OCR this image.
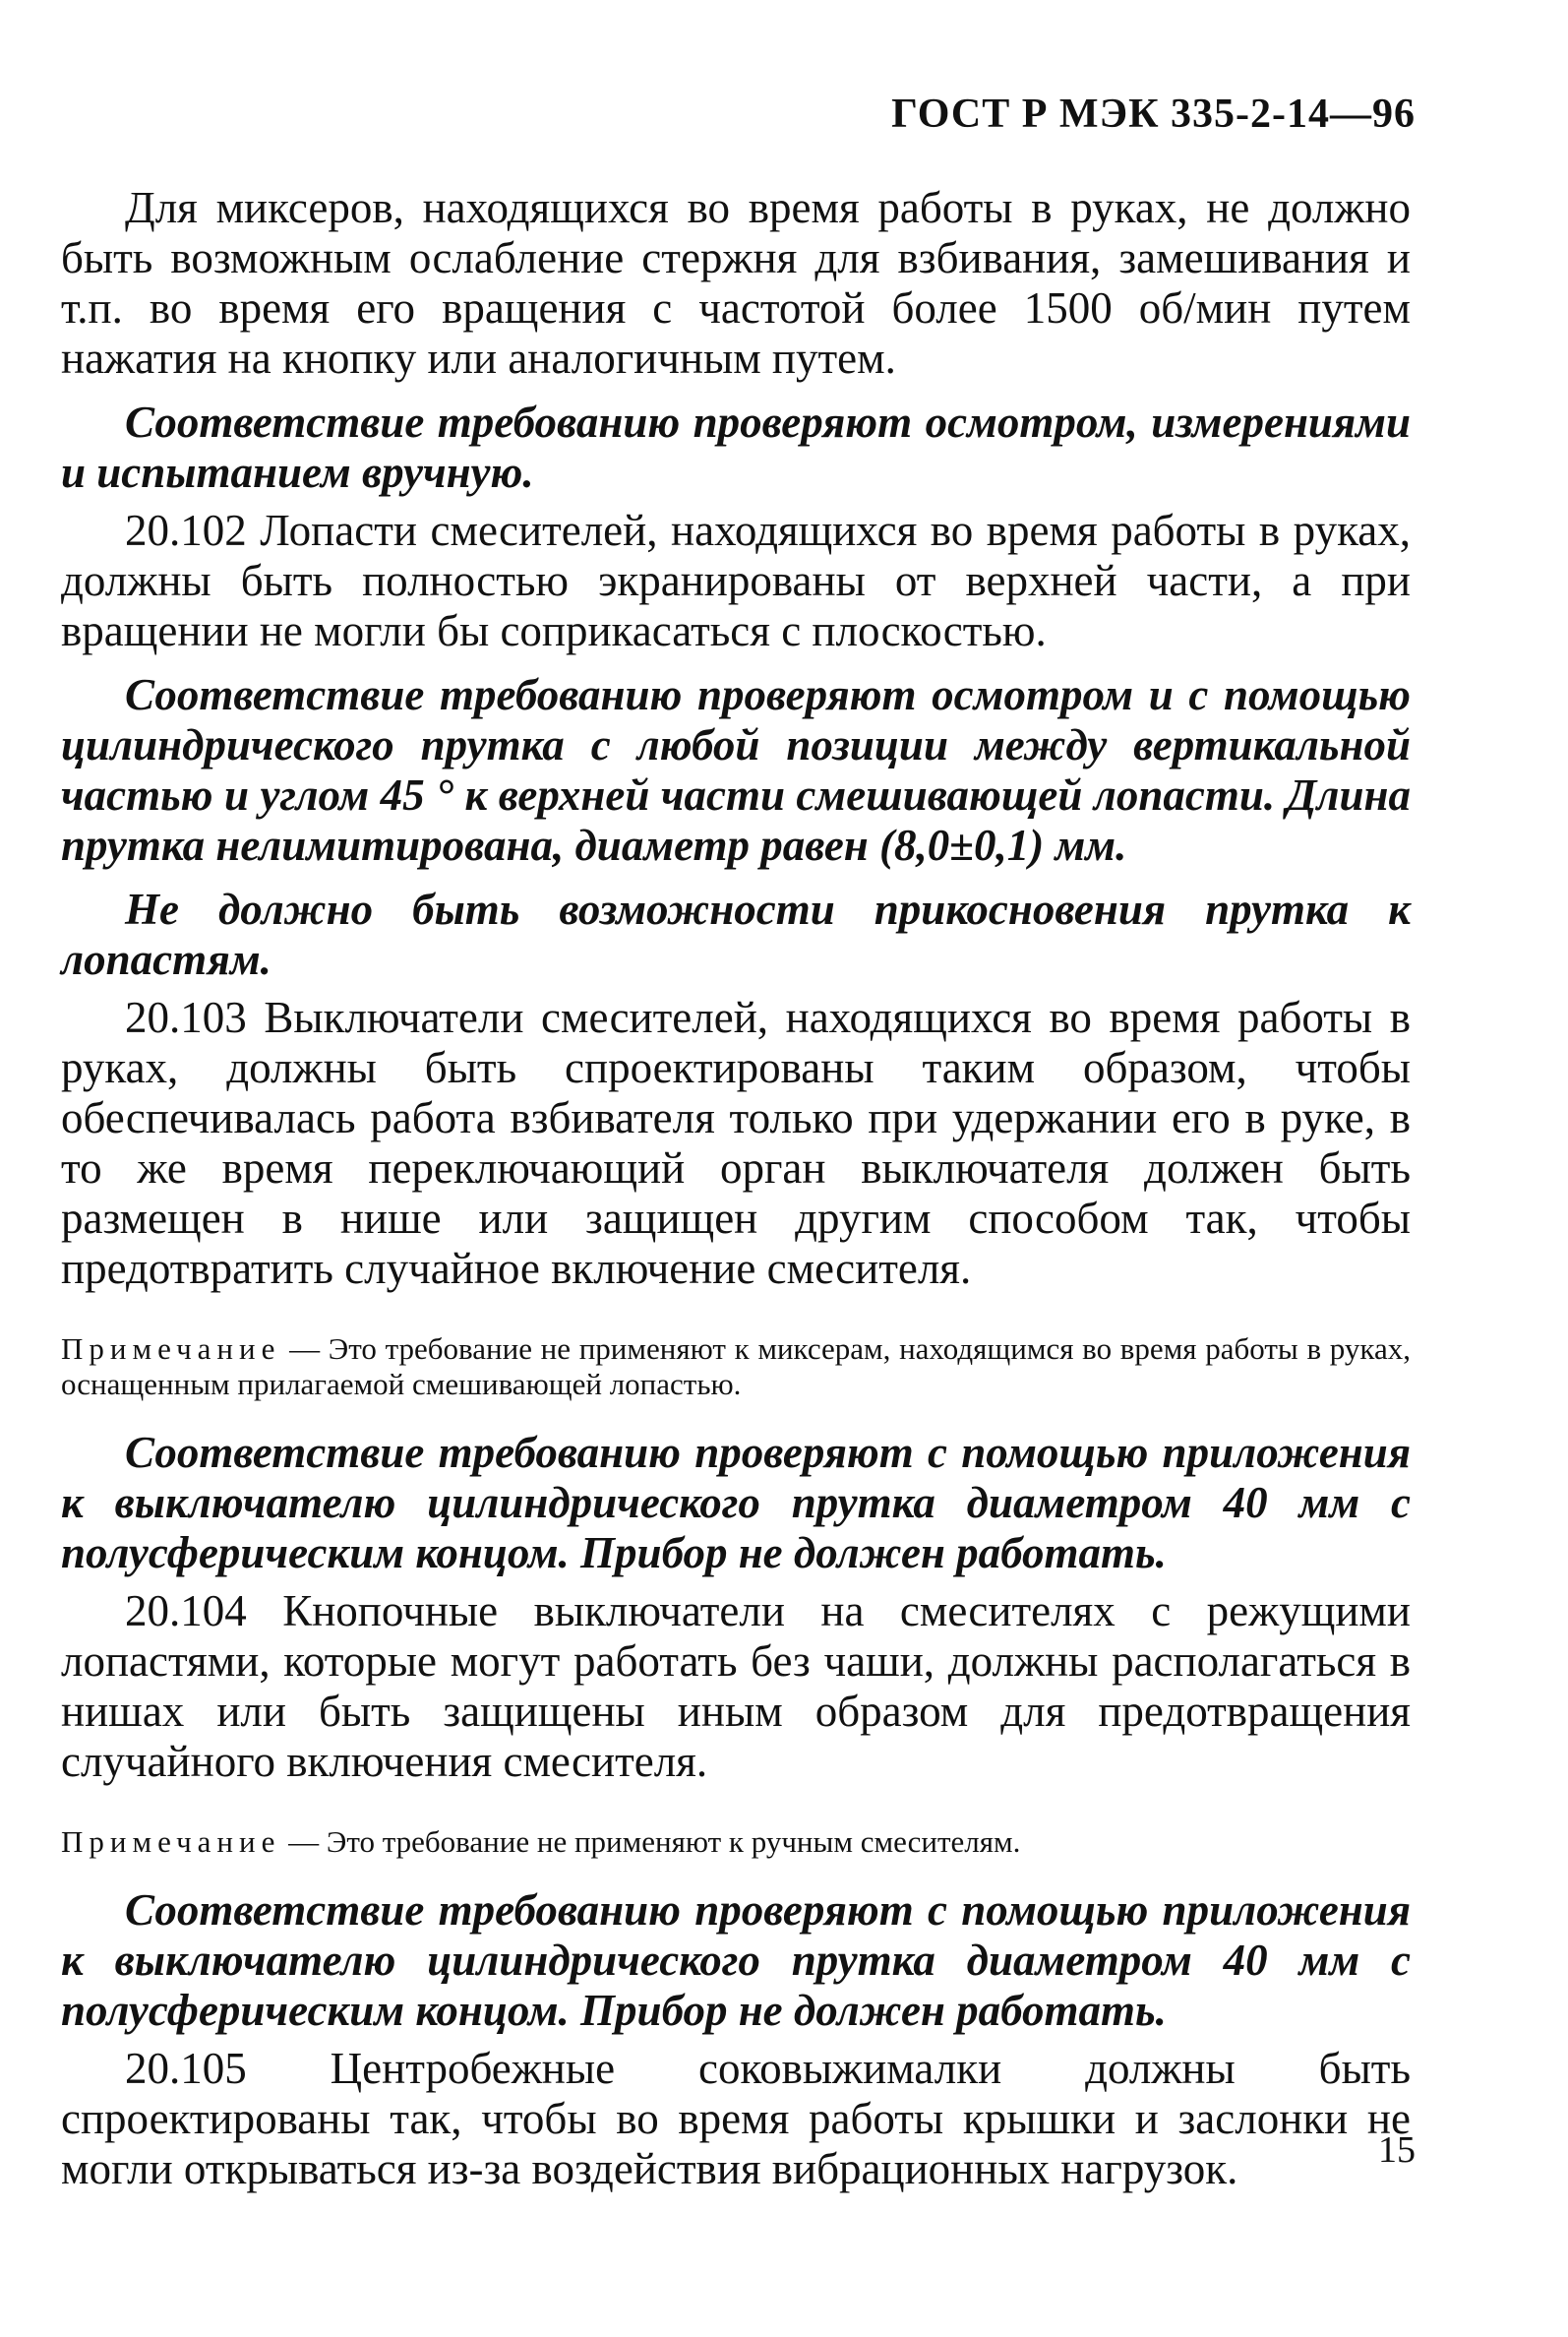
ГОСТ Р МЭК 335-2-14—96

Для миксеров, находящихся во время работы в руках, не должно быть возможным ослабление стержня для взбивания, замешивания и т.п. во время его вращения с частотой более 1500 об/мин путем нажатия на кнопку или аналогичным путем.

Соответствие требованию проверяют осмотром, измерениями и испытанием вручную.

20.102 Лопасти смесителей, находящихся во время работы в руках, должны быть полностью экранированы от верхней части, а при вращении не могли бы соприкасаться с плоскостью.

Соответствие требованию проверяют осмотром и с помощью цилиндрического прутка с любой позиции между вертикальной частью и углом 45 ° к верхней части смешивающей лопасти. Длина прутка нелимитирована, диаметр равен (8,0±0,1) мм.

Не должно быть возможности прикосновения прутка к лопастям.

20.103 Выключатели смесителей, находящихся во время работы в руках, должны быть спроектированы таким образом, чтобы обеспечивалась работа взбивателя только при удержании его в руке, в то же время переключающий орган выключателя должен быть размещен в нише или защищен другим способом так, чтобы предотвратить случайное включение смесителя.

Примечание — Это требование не применяют к миксерам, находящимся во время работы в руках, оснащенным прилагаемой смешивающей лопастью.

Соответствие требованию проверяют с помощью приложения к выключателю цилиндрического прутка диаметром 40 мм с полусферическим концом. Прибор не должен работать.

20.104 Кнопочные выключатели на смесителях с режущими лопастями, которые могут работать без чаши, должны располагаться в нишах или быть защищены иным образом для предотвращения случайного включения смесителя.

Примечание — Это требование не применяют к ручным смесителям.

Соответствие требованию проверяют с помощью приложения к выключателю цилиндрического прутка диаметром 40 мм с полусферическим концом. Прибор не должен работать.

20.105 Центробежные соковыжималки должны быть спроектированы так, чтобы во время работы крышки и заслонки не могли открываться из-за воздействия вибрационных нагрузок.	15
